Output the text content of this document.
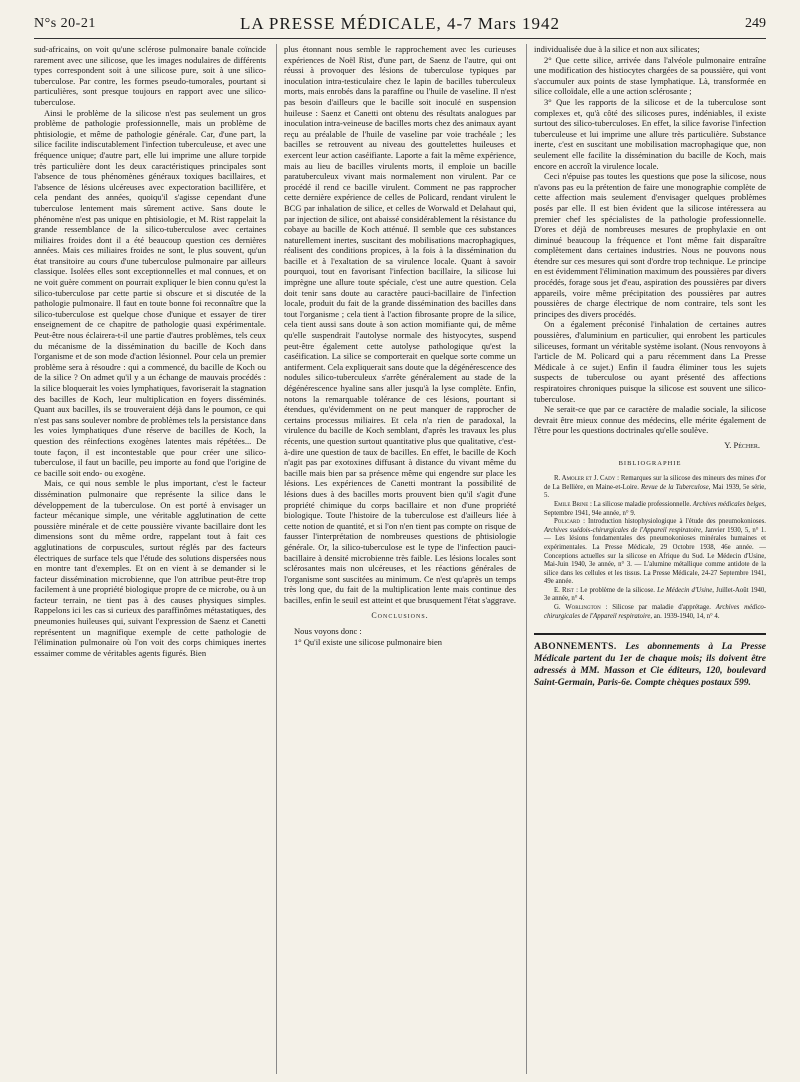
N°s 20-21	LA PRESSE MÉDICALE, 4-7 Mars 1942	249

sud-africains, on voit qu'une sclérose pulmonaire banale coïncide rarement avec une silicose, que les images nodulaires de différents types correspondent soit à une silicose pure, soit à une silico-tuberculose. Par contre, les formes pseudo-tumorales, pourtant si particulières, sont presque toujours en rapport avec une silico-tuberculose.

Ainsi le problème de la silicose n'est pas seulement un gros problème de pathologie professionnelle, mais un problème de phtisiologie, et même de pathologie générale. Car, d'une part, la silice facilite indiscutablement l'infection tuberculeuse, et avec une fréquence unique; d'autre part, elle lui imprime une allure torpide très particulière dont les deux caractéristiques principales sont l'absence de tous phénomènes généraux toxiques bacillaires, et l'absence de lésions ulcéreuses avec expectoration bacillifère, et cela pendant des années, quoiqu'il s'agisse cependant d'une tuberculose lentement mais sûrement active. Sans doute le phénomène n'est pas unique en phtisiologie, et M. Rist rappelait la grande ressemblance de la silico-tuberculose avec certaines miliaires froides dont il a été beaucoup question ces dernières années. Mais ces miliaires froides ne sont, le plus souvent, qu'un état transitoire au cours d'une tuberculose pulmonaire par ailleurs classique. Isolées elles sont exceptionnelles et mal connues, et on ne voit guère comment on pourrait expliquer le bien connu qu'est la silico-tuberculose par cette partie si obscure et si discutée de la pathologie pulmonaire. Il faut en toute bonne foi reconnaître que la silico-tuberculose est quelque chose d'unique et essayer de tirer enseignement de ce chapitre de pathologie quasi expérimentale. Peut-être nous éclairera-t-il une partie d'autres problèmes, tels ceux du mécanisme de la dissémination du bacille de Koch dans l'organisme et de son mode d'action lésionnel. Pour cela un premier problème sera à résoudre : qui a commencé, du bacille de Koch ou de la silice ? On admet qu'il y a un échange de mauvais procédés : la silice bloquerait les voies lymphatiques, favoriserait la stagnation des bacilles de Koch, leur multiplication en foyers disséminés. Quant aux bacilles, ils se trouveraient déjà dans le poumon, ce qui n'est pas sans soulever nombre de problèmes tels la persistance dans les voies lymphatiques d'une réserve de bacilles de Koch, la question des réinfections exogènes latentes mais répétées... De toute façon, il est incontestable que pour créer une silico-tuberculose, il faut un bacille, peu importe au fond que l'origine de ce bacille soit endo- ou exogène.

Mais, ce qui nous semble le plus important, c'est le facteur dissémination pulmonaire que représente la silice dans le développement de la tuberculose. On est porté à envisager un facteur mécanique simple, une véritable agglutination de cette poussière minérale et de cette poussière vivante bacillaire dont les dimensions sont du même ordre, rappelant tout à fait ces agglutinations de corpuscules, surtout réglés par des facteurs électriques de surface tels que l'étude des solutions dispersées nous en montre tant d'exemples. Et on en vient à se demander si le facteur dissémination microbienne, que l'on attribue peut-être trop facilement à une propriété biologique propre de ce microbe, ou à un facteur terrain, ne tient pas à des causes physiques simples. Rappelons ici les cas si curieux des paraffinômes métastatiques, des pneumonies huileuses qui, suivant l'expression de Saenz et Canetti représentent un magnifique exemple de cette pathologie de l'élimination pulmonaire où l'on voit des corps chimiques inertes essaimer comme de véritables agents figurés. Bien

plus étonnant nous semble le rapprochement avec les curieuses expériences de Noël Rist, d'une part, de Saenz de l'autre, qui ont réussi à provoquer des lésions de tuberculose typiques par inoculation intra-testiculaire chez le lapin de bacilles tuberculeux morts, mais enrobés dans la paraffine ou l'huile de vaseline. Il n'est pas besoin d'ailleurs que le bacille soit inoculé en suspension huileuse : Saenz et Canetti ont obtenu des résultats analogues par inoculation intra-veineuse de bacilles morts chez des animaux ayant reçu au préalable de l'huile de vaseline par voie trachéale ; les bacilles se retrouvent au niveau des gouttelettes huileuses et exercent leur action caséifiante. Laporte a fait la même expérience, mais au lieu de bacilles virulents morts, il emploie un bacille paratuberculeux vivant mais normalement non virulent. Par ce procédé il rend ce bacille virulent. Comment ne pas rapprocher cette dernière expérience de celles de Policard, rendant virulent le BCG par inhalation de silice, et celles de Worwald et Delahaut qui, par injection de silice, ont abaissé considérablement la résistance du cobaye au bacille de Koch atténué. Il semble que ces substances naturellement inertes, suscitant des mobilisations macrophagiques, réalisent des conditions propices, à la fois à la dissémination du bacille et à l'exaltation de sa virulence locale. Quant à savoir pourquoi, tout en favorisant l'infection bacillaire, la silicose lui imprègne une allure toute spéciale, c'est une autre question. Cela doit tenir sans doute au caractère pauci-bacillaire de l'infection locale, produit du fait de la grande dissémination des bacilles dans tout l'organisme ; cela tient à l'action fibrosante propre de la silice, cela tient aussi sans doute à son action momifiante qui, de même qu'elle suspendrait l'autolyse normale des histyocytes, suspend peut-être également cette autolyse pathologique qu'est la caséification. La silice se comporterait en quelque sorte comme un antiferment. Cela expliquerait sans doute que la dégénérescence des nodules silico-tuberculeux s'arrête généralement au stade de la dégénérescence hyaline sans aller jusqu'à la lyse complète. Enfin, notons la remarquable tolérance de ces lésions, pourtant si étendues, qu'évidemment on ne peut manquer de rapprocher de certains processus miliaires. Et cela n'a rien de paradoxal, la virulence du bacille de Koch semblant, d'après les travaux les plus récents, une question surtout quantitative plus que qualitative, c'est-à-dire une question de taux de bacilles. En effet, le bacille de Koch n'agit pas par exotoxines diffusant à distance du vivant même du bacille mais bien par sa présence même qui engendre sur place les lésions. Les expériences de Canetti montrant la possibilité de lésions dues à des bacilles morts prouvent bien qu'il s'agit d'une propriété chimique du corps bacillaire et non d'une propriété biologique. Toute l'histoire de la tuberculose est d'ailleurs liée à cette notion de quantité, et si l'on n'en tient pas compte on risque de fausser l'interprétation de nombreuses questions de phtisiologie générale. Or, la silico-tuberculose est le type de l'infection pauci-bacillaire à densité microbienne très faible. Les lésions locales sont sclérosantes mais non ulcéreuses, et les réactions générales de l'organisme sont suscitées au minimum. Ce n'est qu'après un temps très long que, du fait de la multiplication lente mais continue des bacilles, enfin le seuil est atteint et que brusquement l'état s'aggrave.

Conclusions.

Nous voyons donc :

1° Qu'il existe une silicose pulmonaire bien

individualisée due à la silice et non aux silicates;

2° Que cette silice, arrivée dans l'alvéole pulmonaire entraîne une modification des histiocytes chargées de sa poussière, qui vont s'accumuler aux points de stase lymphatique. Là, transformée en silice colloïdale, elle a une action sclérosante ;

3° Que les rapports de la silicose et de la tuberculose sont complexes et, qu'à côté des silicoses pures, indéniables, il existe surtout des silico-tuberculoses. En effet, la silice favorise l'infection tuberculeuse et lui imprime une allure très particulière. Substance inerte, c'est en suscitant une mobilisation macrophagique que, non seulement elle facilite la dissémination du bacille de Koch, mais encore en accroît la virulence locale.

Ceci n'épuise pas toutes les questions que pose la silicose, nous n'avons pas eu la prétention de faire une monographie complète de cette affection mais seulement d'envisager quelques problèmes posés par elle. Il est bien évident que la silicose intéressera au premier chef les spécialistes de la pathologie professionnelle. D'ores et déjà de nombreuses mesures de prophylaxie en ont diminué beaucoup la fréquence et l'ont même fait disparaître complètement dans certaines industries. Nous ne pouvons nous étendre sur ces mesures qui sont d'ordre trop technique. Le principe en est évidemment l'élimination maximum des poussières par divers procédés, forage sous jet d'eau, aspiration des poussières par divers appareils, voire même précipitation des poussières par autres poussières de charge électrique de nom contraire, tels sont les principes des divers procédés.

On a également préconisé l'inhalation de certaines autres poussières, d'aluminium en particulier, qui enrobent les particules siliceuses, formant un véritable système isolant. (Nous renvoyons à l'article de M. Policard qui a paru récemment dans La Presse Médicale à ce sujet.) Enfin il faudra éliminer tous les sujets suspects de tuberculose ou ayant présenté des affections respiratoires chroniques puisque la silicose est souvent une silico-tuberculose.

Ne serait-ce que par ce caractère de maladie sociale, la silicose devrait être mieux connue des médecins, elle mérite également de l'être pour les questions doctrinales qu'elle soulève.

Y. Pécher.
BIBLIOGRAPHIE

R. Amoler et J. Cady : Remarques sur la silicose des mineurs des mines d'or de La Bellière, en Maine-et-Loire. Revue de la Tuberculose, Mai 1939, 5e série, 5.

Emile Brine : La silicose maladie professionnelle. Archives médicales belges, Septembre 1941, 94e année, n° 9.

Policard : Introduction histophysiologique à l'étude des pneumokonioses. Archives suédois-chirurgicales de l'Appareil respiratoire, Janvier 1930, 5, n° 1. — Les lésions fondamentales des pneumokonioses minérales humaines et expérimentales. La Presse Médicale, 29 Octobre 1938, 46e année. — Conceptions actuelles sur la silicose en Afrique du Sud. Le Médecin d'Usine, Mai-Juin 1940, 3e année, n° 3. — L'alumine métallique comme antidote de la silice dans les cellules et les tissus. La Presse Médicale, 24-27 Septembre 1941, 49e année.

E. Rist : Le problème de la silicose. Le Médecin d'Usine, Juillet-Août 1940, 3e année, n° 4.

G. Worlington : Silicose par maladie d'apprétage. Archives médico-chirurgicales de l'Appareil respiratoire, an. 1939-1940, 14, n° 4.

ABONNEMENTS. Les abonnements à La Presse Médicale partent du 1er de chaque mois; ils doivent être adressés à MM. Masson et Cie éditeurs, 120, boulevard Saint-Germain, Paris-6e. Compte chèques postaux 599.
